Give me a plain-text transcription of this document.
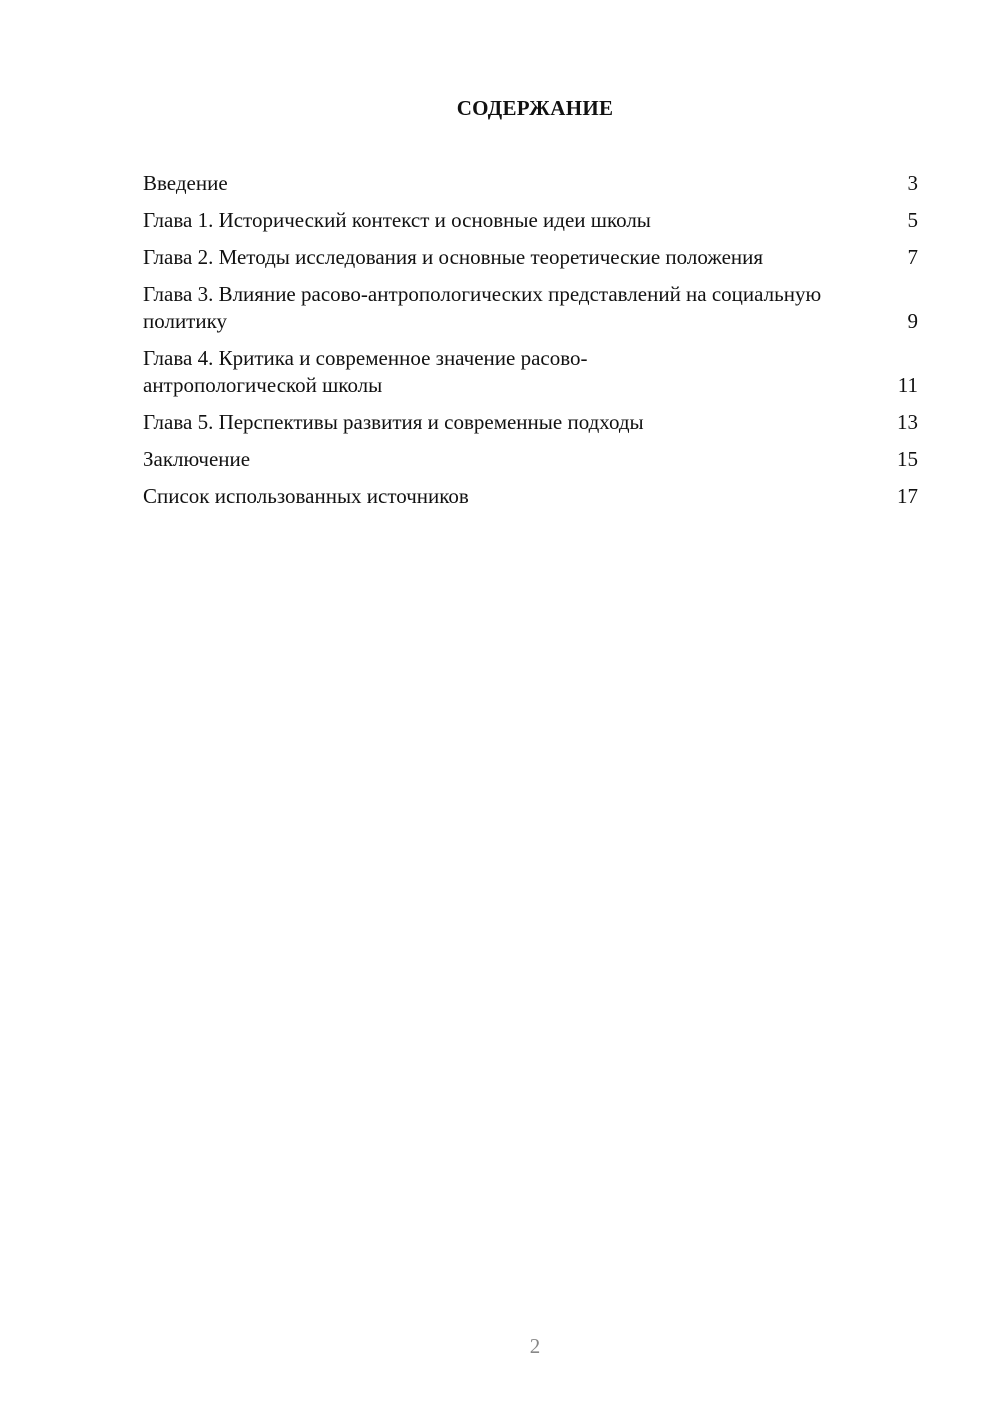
СОДЕРЖАНИЕ
Введение	3
Глава 1. Исторический контекст и основные идеи школы	5
Глава 2. Методы исследования и основные теоретические положения	7
Глава 3. Влияние расово-антропологических представлений на социальную политику	9
Глава 4. Критика и современное значение расово-антропологической школы	11
Глава 5. Перспективы развития и современные подходы	13
Заключение	15
Список использованных источников	17
2
